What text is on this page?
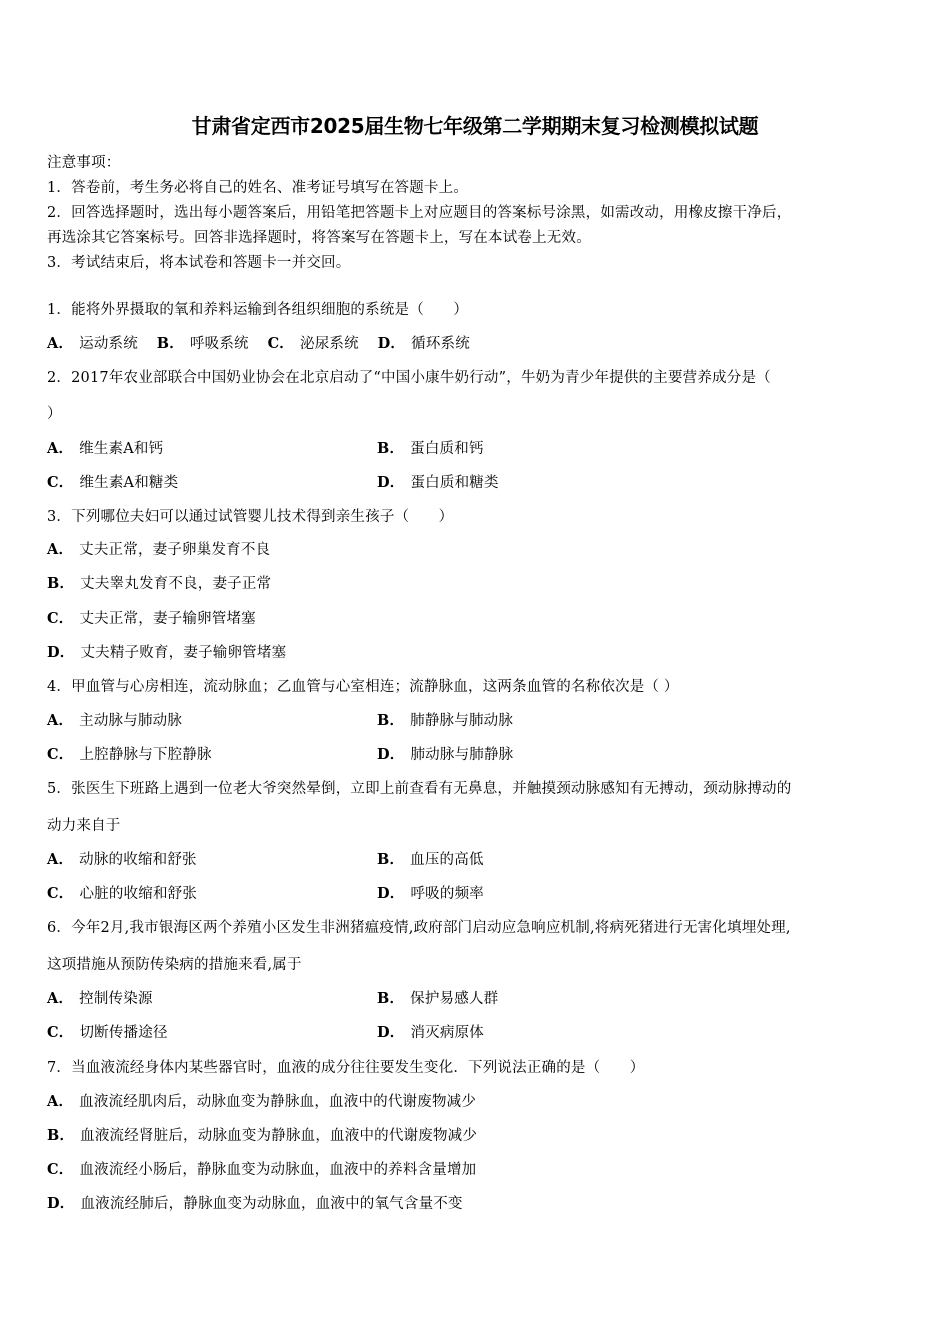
甘肃省定西市2025届生物七年级第二学期期末复习检测模拟试题
注意事项：
1．答卷前，考生务必将自己的姓名、准考证号填写在答题卡上。
2．回答选择题时，选出每小题答案后，用铅笔把答题卡上对应题目的答案标号涂黑，如需改动，用橡皮擦干净后，
再选涂其它答案标号。回答非选择题时，将答案写在答题卡上，写在本试卷上无效。
3．考试结束后，将本试卷和答题卡一并交回。
1．能将外界摄取的氧和养料运输到各组织细胞的系统是（　　）
A． 运动系统 B． 呼吸系统 C． 泌尿系统 D． 循环系统
2．2017年农业部联合中国奶业协会在北京启动了“中国小康牛奶行动”，牛奶为青少年提供的主要营养成分是（
）
A． 维生素A和钙	B． 蛋白质和钙
C． 维生素A和糖类	D． 蛋白质和糖类
3．下列哪位夫妇可以通过试管婴儿技术得到亲生孩子（　　）
A． 丈夫正常，妻子卵巢发育不良
B． 丈夫睾丸发育不良，妻子正常
C． 丈夫正常，妻子输卵管堵塞
D． 丈夫精子败育，妻子输卵管堵塞
4．甲血管与心房相连，流动脉血；乙血管与心室相连；流静脉血，这两条血管的名称依次是（ ）
A． 主动脉与肺动脉	B． 肺静脉与肺动脉
C． 上腔静脉与下腔静脉	D． 肺动脉与肺静脉
5．张医生下班路上遇到一位老大爷突然晕倒，立即上前查看有无鼻息，并触摸颈动脉感知有无搏动，颈动脉搏动的
动力来自于
A． 动脉的收缩和舒张	B． 血压的高低
C． 心脏的收缩和舒张	D． 呼吸的频率
6．今年2月,我市银海区两个养殖小区发生非洲猪瘟疫情,政府部门启动应急响应机制,将病死猪进行无害化填埋处理,
这项措施从预防传染病的措施来看,属于
A． 控制传染源	B． 保护易感人群
C． 切断传播途径	D． 消灭病原体
7．当血液流经身体内某些器官时，血液的成分往往要发生变化．下列说法正确的是（　　）
A． 血液流经肌肉后，动脉血变为静脉血，血液中的代谢废物减少
B． 血液流经肾脏后，动脉血变为静脉血，血液中的代谢废物减少
C． 血液流经小肠后，静脉血变为动脉血，血液中的养料含量增加
D． 血液流经肺后，静脉血变为动脉血，血液中的氧气含量不变
